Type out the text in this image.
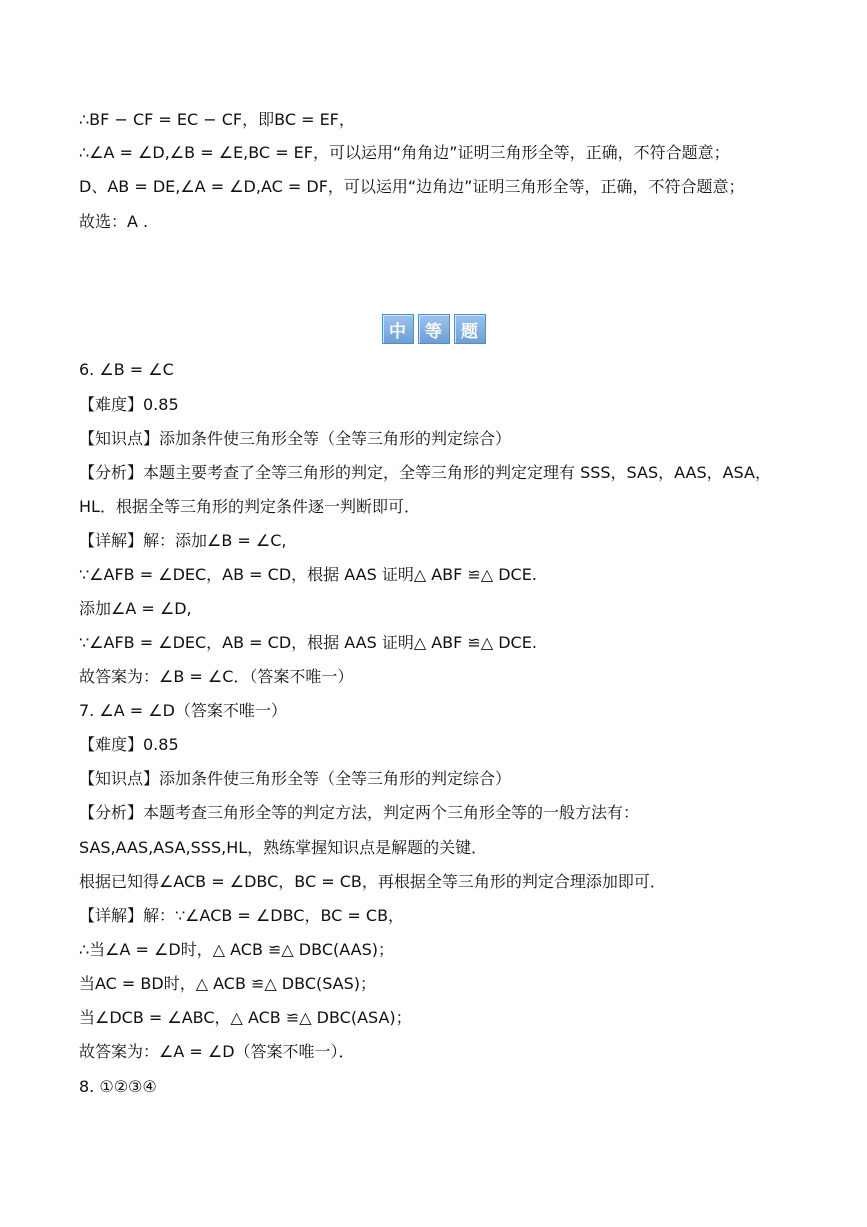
∴BF − CF = EC − CF，即BC = EF，
∴∠A = ∠D,∠B = ∠E,BC = EF，可以运用“角角边”证明三角形全等，正确，不符合题意；
D、AB = DE,∠A = ∠D,AC = DF，可以运用“边角边”证明三角形全等，正确，不符合题意；
故选：A .
中	等	题
6. ∠B = ∠C
【难度】0.85
【知识点】添加条件使三角形全等（全等三角形的判定综合）
【分析】本题主要考查了全等三角形的判定，全等三角形的判定定理有 SSS，SAS，AAS，ASA，
HL．根据全等三角形的判定条件逐一判断即可．
【详解】解：添加∠B = ∠C,
∵∠AFB = ∠DEC，AB = CD，根据 AAS 证明△ ABF ≌△ DCE.
添加∠A = ∠D,
∵∠AFB = ∠DEC，AB = CD，根据 AAS 证明△ ABF ≌△ DCE.
故答案为：∠B = ∠C．（答案不唯一）
7. ∠A = ∠D（答案不唯一）
【难度】0.85
【知识点】添加条件使三角形全等（全等三角形的判定综合）
【分析】本题考查三角形全等的判定方法，判定两个三角形全等的一般方法有：
SAS,AAS,ASA,SSS,HL，熟练掌握知识点是解题的关键．
根据已知得∠ACB = ∠DBC，BC = CB，再根据全等三角形的判定合理添加即可．
【详解】解：∵∠ACB = ∠DBC，BC = CB，
∴当∠A = ∠D时，△ ACB ≌△ DBC(AAS)；
当AC = BD时，△ ACB ≌△ DBC(SAS)；
当∠DCB = ∠ABC，△ ACB ≌△ DBC(ASA)；
故答案为：∠A = ∠D（答案不唯一）．
8. ①②③④
